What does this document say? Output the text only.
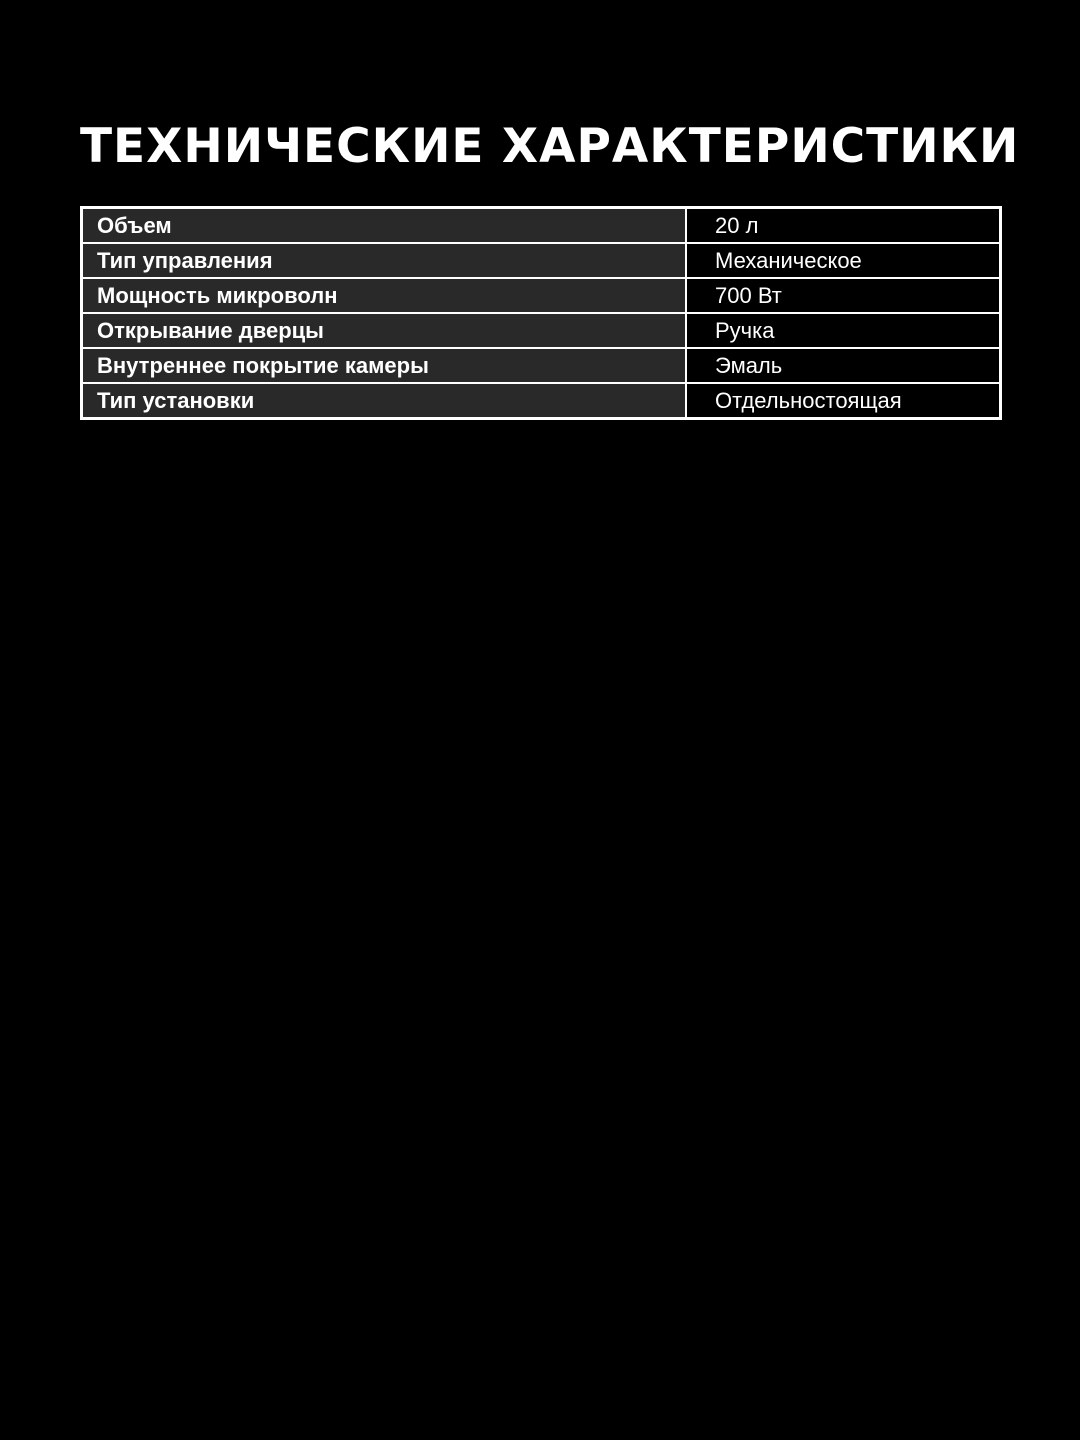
ТЕХНИЧЕСКИЕ ХАРАКТЕРИСТИКИ
Объем	20 л
Тип управления	Механическое
Мощность микроволн	700 Вт
Открывание дверцы	Ручка
Внутреннее покрытие камеры	Эмаль
Тип установки	Отдельностоящая
